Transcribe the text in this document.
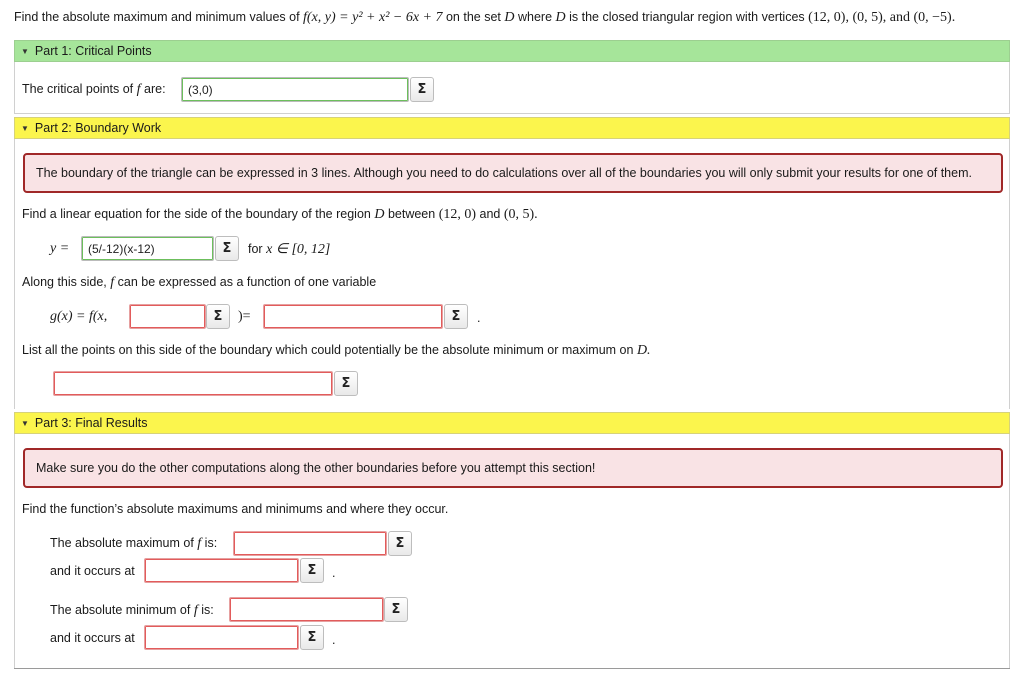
Find the absolute maximum and minimum values of f(x, y) = y² + x² − 6x + 7 on the set D where D is the closed triangular region with vertices (12, 0), (0, 5), and (0, −5).
▼ Part 1: Critical Points
The critical points of f are:	(3,0)	Σ
▼ Part 2: Boundary Work
The boundary of the triangle can be expressed in 3 lines. Although you need to do calculations over all of the boundaries you will only submit your results for one of them.
Find a linear equation for the side of the boundary of the region D between (12, 0) and (0, 5).
y =	(5/-12)(x-12)	Σ	for x ∈ [0, 12]
Along this side, f can be expressed as a function of one variable
g(x) = f(x,	Σ	)=	Σ	.
List all the points on this side of the boundary which could potentially be the absolute minimum or maximum on D.
Σ
▼ Part 3: Final Results
Make sure you do the other computations along the other boundaries before you attempt this section!
Find the function’s absolute maximums and minimums and where they occur.
The absolute maximum of f is:	Σ
and it occurs at	Σ	.
The absolute minimum of f is:	Σ
and it occurs at	Σ	.
